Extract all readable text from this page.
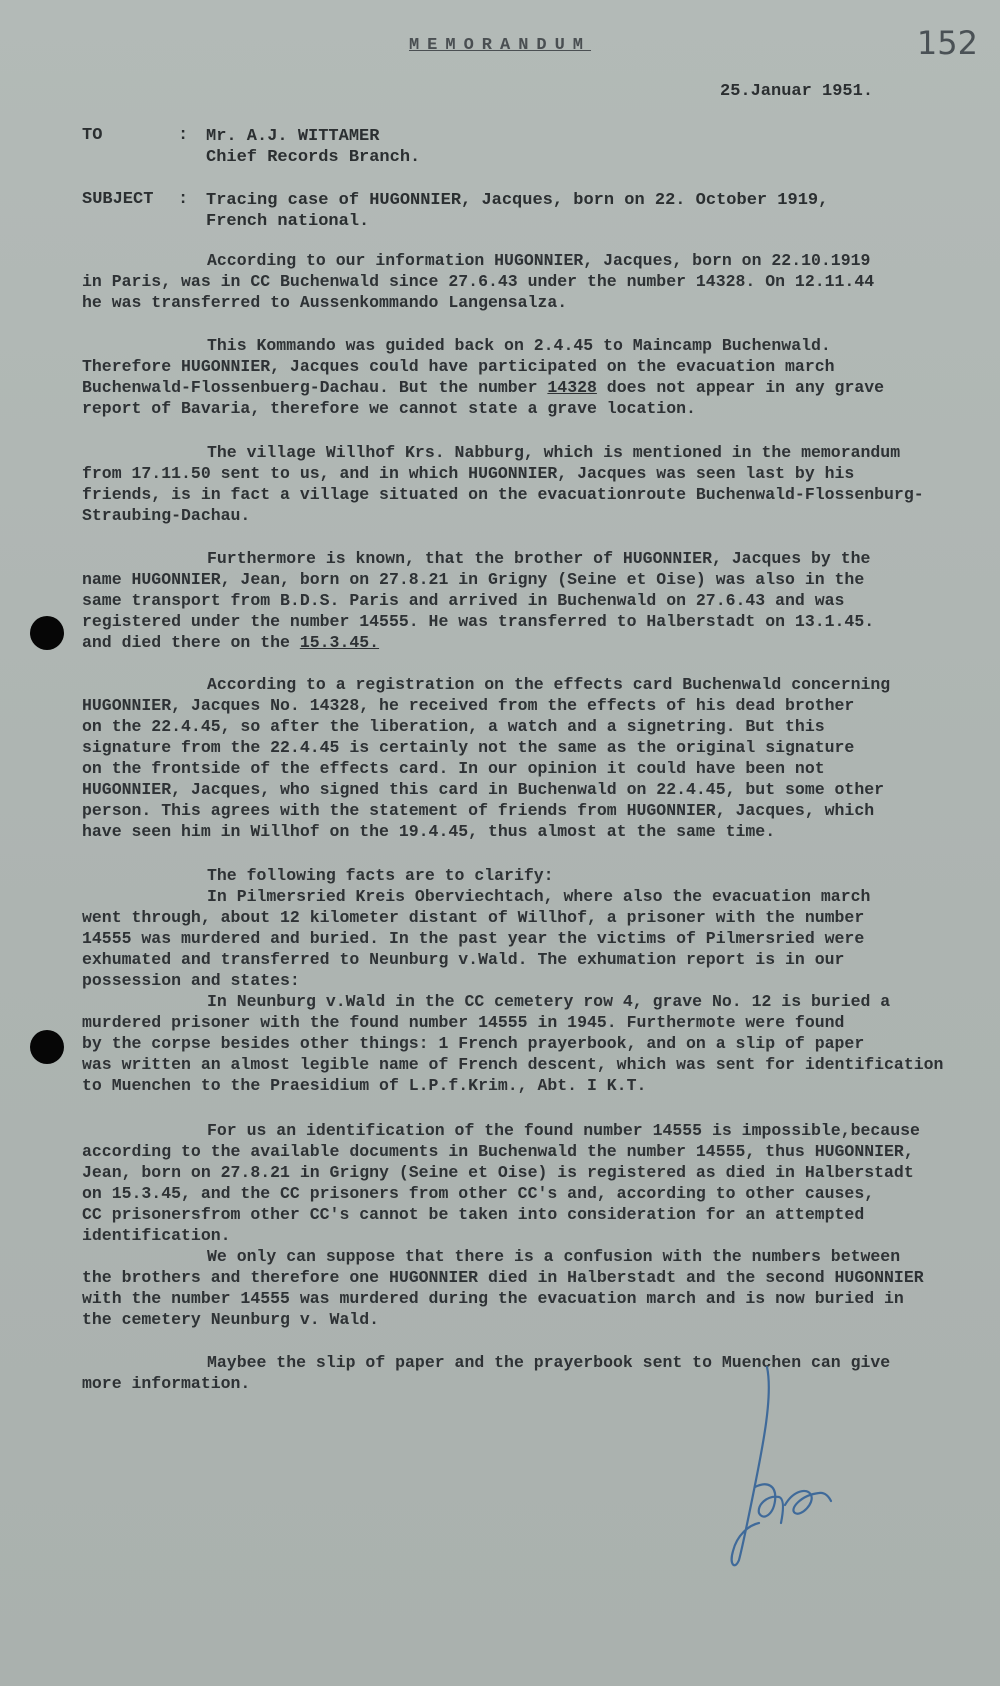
MEMORANDUM	152
25.Januar 1951.
TO	: Mr. A.J. WITTAMER
Chief Records Branch.
SUBJECT : Tracing case of HUGONNIER, Jacques, born on 22. October 1919,
French national.

According to our information HUGONNIER, Jacques, born on 22.10.1919

in Paris, was in CC Buchenwald since 27.6.43 under the number 14328. On 12.11.44

he was transferred to Aussenkommando Langensalza.

This Kommando was guided back on 2.4.45 to Maincamp Buchenwald.

Therefore HUGONNIER, Jacques could have participated on the evacuation march

Buchenwald-Flossenbuerg-Dachau. But the number 14328 does not appear in any grave

report of Bavaria, therefore we cannot state a grave location.

The village Willhof Krs. Nabburg, which is mentioned in the memorandum

from 17.11.50 sent to us, and in which HUGONNIER, Jacques was seen last by his

friends, is in fact a village situated on the evacuationroute Buchenwald-Flossenburg-

Straubing-Dachau.

Furthermore is known, that the brother of HUGONNIER, Jacques by the

name HUGONNIER, Jean, born on 27.8.21 in Grigny (Seine et Oise) was also in the

same transport from B.D.S. Paris and arrived in Buchenwald on 27.6.43 and was

registered under the number 14555. He was transferred to Halberstadt on 13.1.45.

and died there on the 15.3.45.

According to a registration on the effects card Buchenwald concerning

HUGONNIER, Jacques No. 14328, he received from the effects of his dead brother

on the 22.4.45, so after the liberation, a watch and a signetring. But this

signature from the 22.4.45 is certainly not the same as the original signature

on the frontside of the effects card. In our opinion it could have been not

HUGONNIER, Jacques, who signed this card in Buchenwald on 22.4.45, but some other

person. This agrees with the statement of friends from HUGONNIER, Jacques, which

have seen him in Willhof on the 19.4.45, thus almost at the same time.

The following facts are to clarify:

In Pilmersried Kreis Oberviechtach, where also the evacuation march

went through, about 12 kilometer distant of Willhof, a prisoner with the number

14555 was murdered and buried. In the past year the victims of Pilmersried were

exhumated and transferred to Neunburg v.Wald. The exhumation report is in our

possession and states:

In Neunburg v.Wald in the CC cemetery row 4, grave No. 12 is buried a

murdered prisoner with the found number 14555 in 1945. Furthermote were found

by the corpse besides other things: 1 French prayerbook, and on a slip of paper

was written an almost legible name of French descent, which was sent for identification

to Muenchen to the Praesidium of L.P.f.Krim., Abt. I K.T.

For us an identification of the found number 14555 is impossible,because

according to the available documents in Buchenwald the number 14555, thus HUGONNIER,

Jean, born on 27.8.21 in Grigny (Seine et Oise) is registered as died in Halberstadt

on 15.3.45, and the CC prisoners from other CC's and, according to other causes,

CC prisonersfrom other CC's cannot be taken into consideration for an attempted

identification.

We only can suppose that there is a confusion with the numbers between

the brothers and therefore one HUGONNIER died in Halberstadt and the second HUGONNIER

with the number 14555 was murdered during the evacuation march and is now buried in

the cemetery Neunburg v. Wald.

Maybee the slip of paper and the prayerbook sent to Muenchen can give

more information.
